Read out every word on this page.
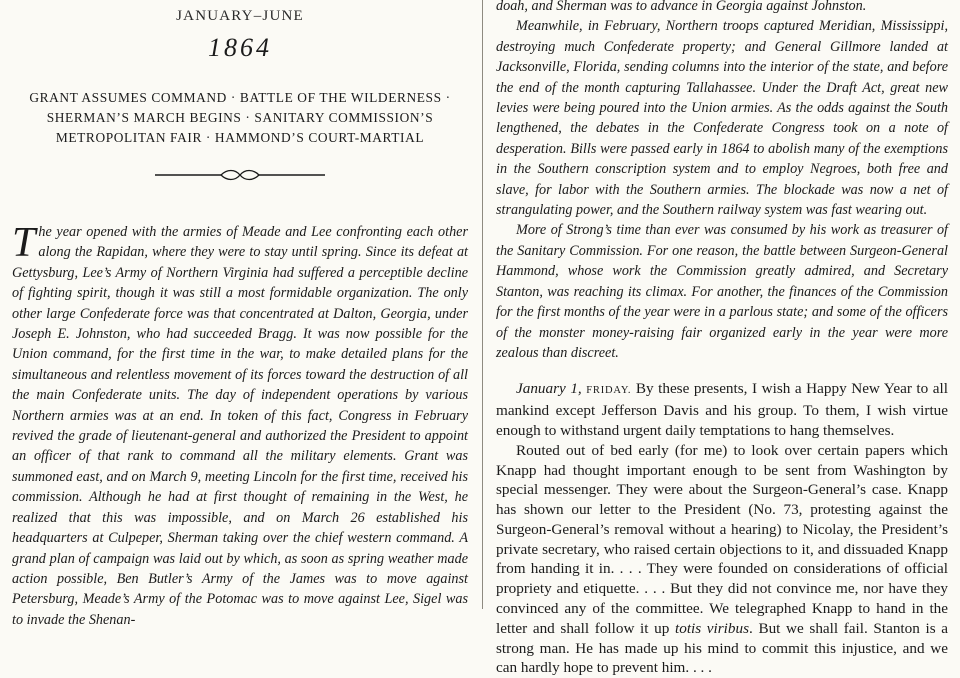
JANUARY–JUNE
1864
GRANT ASSUMES COMMAND · BATTLE OF THE WILDERNESS ·
SHERMAN’S MARCH BEGINS · SANITARY COMMISSION’S
METROPOLITAN FAIR · HAMMOND’S COURT-MARTIAL

The year opened with the armies of Meade and Lee confronting each other along the Rapidan, where they were to stay until spring. Since its defeat at Gettysburg, Lee’s Army of Northern Virginia had suffered a perceptible decline of fighting spirit, though it was still a most formidable organization. The only other large Confederate force was that concentrated at Dalton, Georgia, under Joseph E. Johnston, who had succeeded Bragg. It was now possible for the Union command, for the first time in the war, to make detailed plans for the simultaneous and relentless movement of its forces toward the destruction of all the main Confederate units. The day of independent operations by various Northern armies was at an end. In token of this fact, Congress in February revived the grade of lieutenant-general and authorized the President to appoint an officer of that rank to command all the military elements. Grant was summoned east, and on March 9, meeting Lincoln for the first time, received his commission. Although he had at first thought of remaining in the West, he realized that this was impossible, and on March 26 established his headquarters at Culpeper, Sherman taking over the chief western command. A grand plan of campaign was laid out by which, as soon as spring weather made action possible, Ben Butler’s Army of the James was to move against Petersburg, Meade’s Army of the Potomac was to move against Lee, Sigel was to invade the Shenan-

doah, and Sherman was to advance in Georgia against Johnston.

Meanwhile, in February, Northern troops captured Meridian, Mississippi, destroying much Confederate property; and General Gillmore landed at Jacksonville, Florida, sending columns into the interior of the state, and before the end of the month capturing Tallahassee. Under the Draft Act, great new levies were being poured into the Union armies. As the odds against the South lengthened, the debates in the Confederate Congress took on a note of desperation. Bills were passed early in 1864 to abolish many of the exemptions in the Southern conscription system and to employ Negroes, both free and slave, for labor with the Southern armies. The blockade was now a net of strangulating power, and the Southern railway system was fast wearing out.

More of Strong’s time than ever was consumed by his work as treasurer of the Sanitary Commission. For one reason, the battle between Surgeon-General Hammond, whose work the Commission greatly admired, and Secretary Stanton, was reaching its climax. For another, the finances of the Commission for the first months of the year were in a parlous state; and some of the officers of the monster money-raising fair organized early in the year were more zealous than discreet.

January 1, FRIDAY. By these presents, I wish a Happy New Year to all mankind except Jefferson Davis and his group. To them, I wish virtue enough to withstand urgent daily temptations to hang themselves.

Routed out of bed early (for me) to look over certain papers which Knapp had thought important enough to be sent from Washington by special messenger. They were about the Surgeon-General’s case. Knapp has shown our letter to the President (No. 73, protesting against the Surgeon-General’s removal without a hearing) to Nicolay, the President’s private secretary, who raised certain objections to it, and dissuaded Knapp from handing it in. . . . They were founded on considerations of official propriety and etiquette. . . . But they did not convince me, nor have they convinced any of the committee. We telegraphed Knapp to hand in the letter and shall follow it up totis viribus. But we shall fail. Stanton is a strong man. He has made up his mind to commit this injustice, and we can hardly hope to prevent him. . . .
